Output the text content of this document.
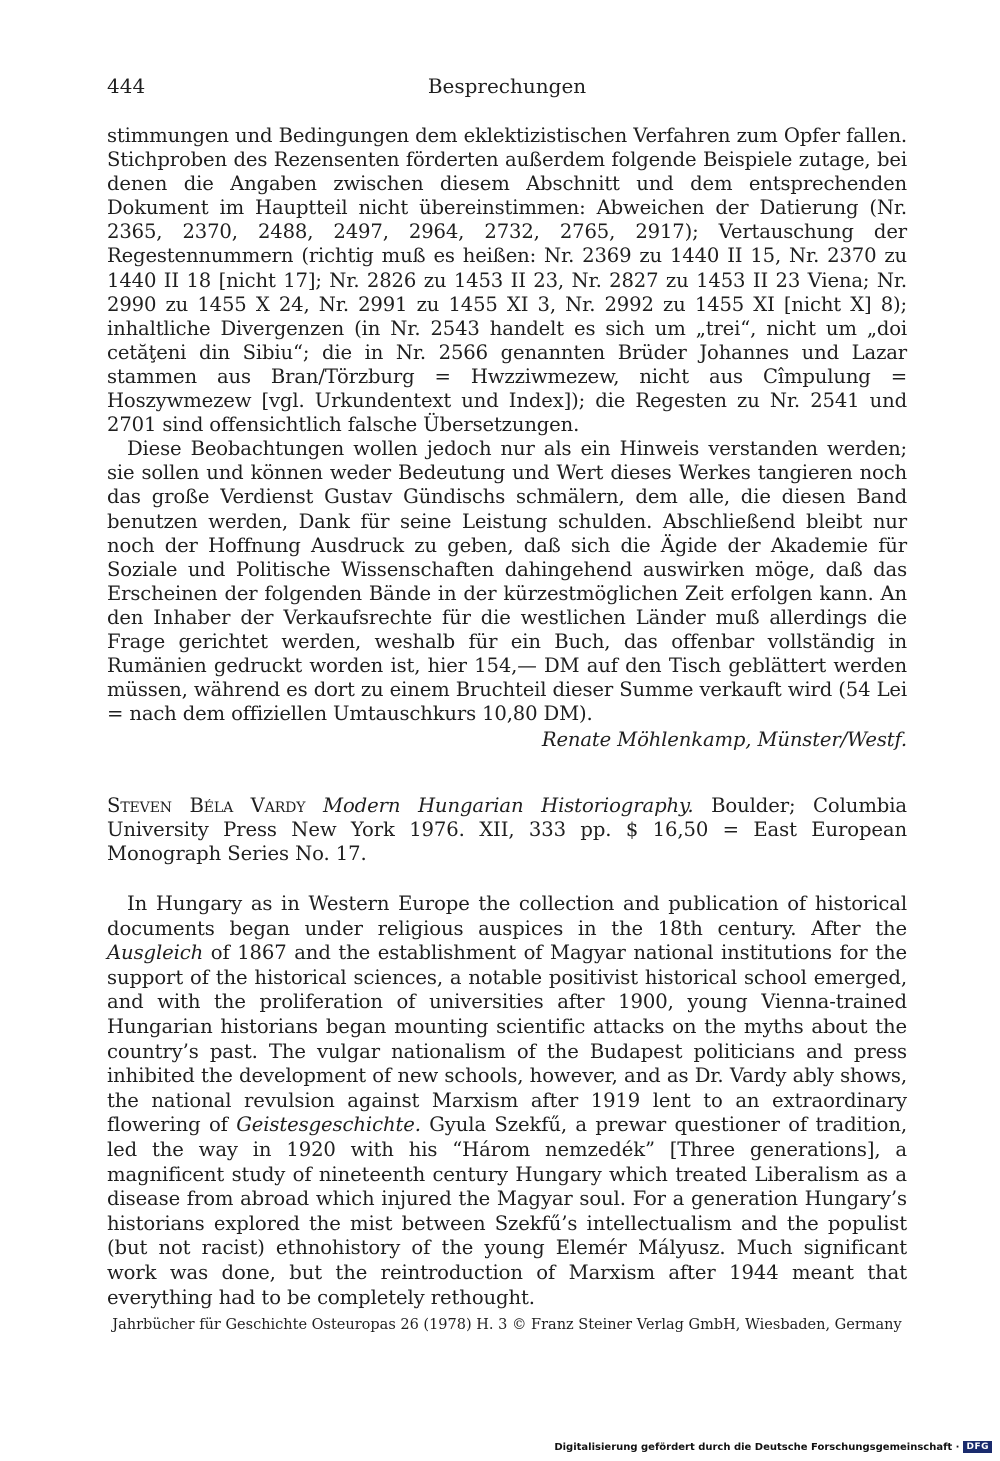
444	Besprechungen

stimmungen und Bedingungen dem eklektizistischen Verfahren zum Opfer fallen. Stichproben des Rezensenten förderten außerdem folgende Beispiele zutage, bei denen die Angaben zwischen diesem Abschnitt und dem entsprechenden Dokument im Hauptteil nicht übereinstimmen: Abweichen der Datierung (Nr. 2365, 2370, 2488, 2497, 2964, 2732, 2765, 2917); Vertauschung der Regestennummern (richtig muß es heißen: Nr. 2369 zu 1440 II 15, Nr. 2370 zu 1440 II 18 [nicht 17]; Nr. 2826 zu 1453 II 23, Nr. 2827 zu 1453 II 23 Viena; Nr. 2990 zu 1455 X 24, Nr. 2991 zu 1455 XI 3, Nr. 2992 zu 1455 XI [nicht X] 8); inhaltliche Divergenzen (in Nr. 2543 handelt es sich um „trei“, nicht um „doi cetăţeni din Sibiu“; die in Nr. 2566 genannten Brüder Johannes und Lazar stammen aus Bran/Törzburg = Hwzziwmezew, nicht aus Cîmpulung = Hoszywmezew [vgl. Urkundentext und Index]); die Regesten zu Nr. 2541 und 2701 sind offensichtlich falsche Übersetzungen.

Diese Beobachtungen wollen jedoch nur als ein Hinweis verstanden werden; sie sollen und können weder Bedeutung und Wert dieses Werkes tangieren noch das große Verdienst Gustav Gündischs schmälern, dem alle, die diesen Band benutzen werden, Dank für seine Leistung schulden. Abschließend bleibt nur noch der Hoffnung Ausdruck zu geben, daß sich die Ägide der Akademie für Soziale und Politische Wissenschaften dahingehend auswirken möge, daß das Erscheinen der folgenden Bände in der kürzestmöglichen Zeit erfolgen kann. An den Inhaber der Verkaufsrechte für die westlichen Länder muß allerdings die Frage gerichtet werden, weshalb für ein Buch, das offenbar vollständig in Rumänien gedruckt worden ist, hier 154,— DM auf den Tisch geblättert werden müssen, während es dort zu einem Bruchteil dieser Summe verkauft wird (54 Lei = nach dem offiziellen Umtauschkurs 10,80 DM).

Renate Möhlenkamp, Münster/Westf.
Steven Béla Vardy Modern Hungarian Historiography. Boulder; Columbia University Press New York 1976. XII, 333 pp. $ 16,50 = East European Monograph Series No. 17.
In Hungary as in Western Europe the collection and publication of historical documents began under religious auspices in the 18th century. After the Ausgleich of 1867 and the establishment of Magyar national institutions for the support of the historical sciences, a notable positivist historical school emerged, and with the proliferation of universities after 1900, young Vienna-trained Hungarian historians began mounting scientific attacks on the myths about the country’s past. The vulgar nationalism of the Budapest politicians and press inhibited the development of new schools, however, and as Dr. Vardy ably shows, the national revulsion against Marxism after 1919 lent to an extraordinary flowering of Geistesgeschichte. Gyula Szekfű, a prewar questioner of tradition, led the way in 1920 with his “Három nemzedék” [Three generations], a magnificent study of nineteenth century Hungary which treated Liberalism as a disease from abroad which injured the Magyar soul. For a generation Hungary’s historians explored the mist between Szekfű’s intellectualism and the populist (but not racist) ethnohistory of the young Elemér Mályusz. Much significant work was done, but the reintroduction of Marxism after 1944 meant that everything had to be completely rethought.
Jahrbücher für Geschichte Osteuropas 26 (1978) H. 3 © Franz Steiner Verlag GmbH, Wiesbaden, Germany
Digitalisierung gefördert durch die Deutsche Forschungsgemeinschaft · DFG
